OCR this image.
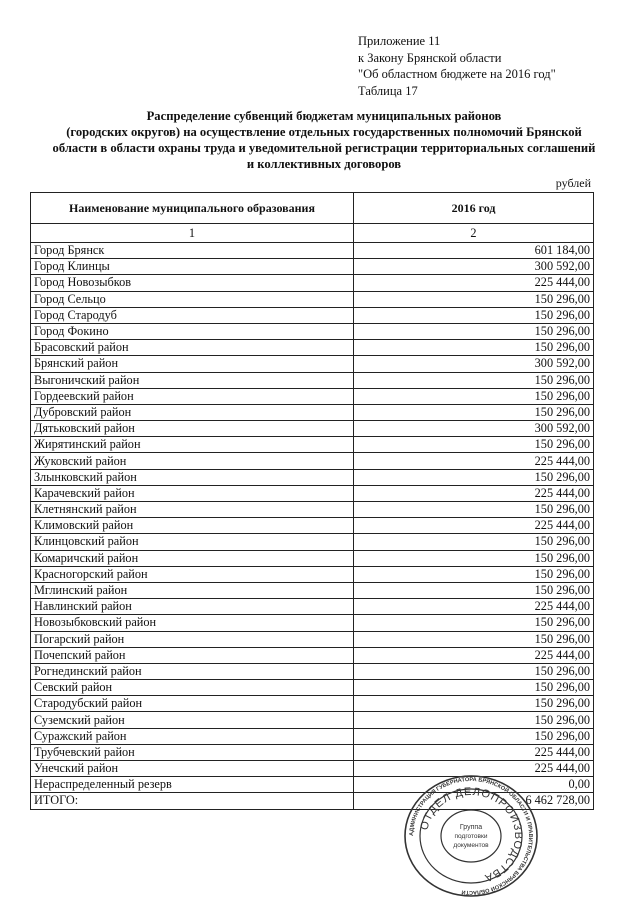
Приложение 11
к Закону Брянской области
"Об областном бюджете на 2016 год"
Таблица 17
Распределение субвенций бюджетам муниципальных районов
(городских округов) на осуществление отдельных государственных полномочий Брянской
области в области охраны труда и уведомительной регистрации территориальных соглашений
и коллективных договоров
рублей
Наименование муниципального образования	2016 год
1	2
Город Брянск	601 184,00
Город Клинцы	300 592,00
Город Новозыбков	225 444,00
Город Сельцо	150 296,00
Город Стародуб	150 296,00
Город Фокино	150 296,00
Брасовский район	150 296,00
Брянский район	300 592,00
Выгоничский район	150 296,00
Гордеевский район	150 296,00
Дубровский район	150 296,00
Дятьковский район	300 592,00
Жирятинский район	150 296,00
Жуковский район	225 444,00
Злынковский район	150 296,00
Карачевский район	225 444,00
Клетнянский район	150 296,00
Климовский район	225 444,00
Клинцовский район	150 296,00
Комаричский район	150 296,00
Красногорский район	150 296,00
Мглинский район	150 296,00
Навлинский район	225 444,00
Новозыбковский район	150 296,00
Погарский район	150 296,00
Почепский район	225 444,00
Рогнединский район	150 296,00
Севский район	150 296,00
Стародубский район	150 296,00
Суземский район	150 296,00
Суражский район	150 296,00
Трубчевский район	225 444,00
Унечский район	225 444,00
Нераспределенный резерв	0,00
ИТОГО:	6 462 728,00
АДМИНИСТРАЦИЯ ГУБЕРНАТОРА БРЯНСКОЙ ОБЛАСТИ И ПРАВИТЕЛЬСТВА БРЯНСКОЙ ОБЛАСТИ
ОТДЕЛ ДЕЛОПРОИЗВОДСТВА
Группа
подготовки
документов
